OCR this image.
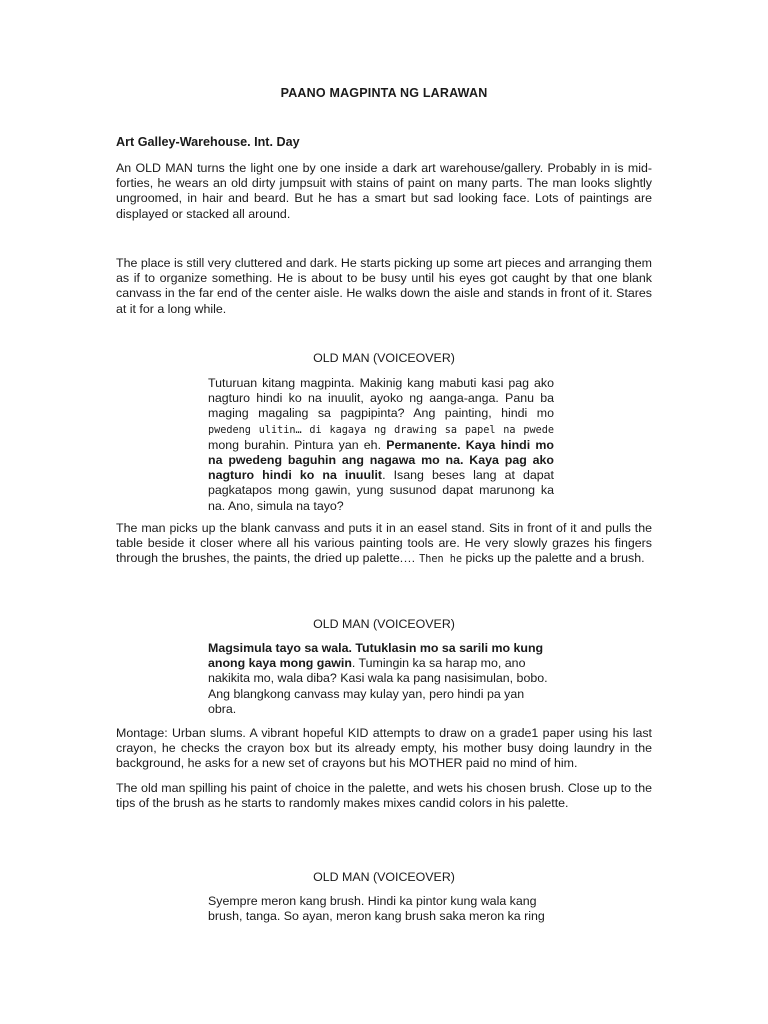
PAANO MAGPINTA NG LARAWAN
Art Galley-Warehouse. Int. Day

An OLD MAN turns the light one by one inside a dark art warehouse/gallery. Probably in is mid-forties, he wears an old dirty jumpsuit with stains of paint on many parts. The man looks slightly ungroomed, in hair and beard. But he has a smart but sad looking face. Lots of paintings are displayed or stacked all around.

The place is still very cluttered and dark. He starts picking up some art pieces and arranging them as if to organize something. He is about to be busy until his eyes got caught by that one blank canvass in the far end of the center aisle. He walks down the aisle and stands in front of it. Stares at it for a long while.

OLD MAN (VOICEOVER)

Tuturuan kitang magpinta. Makinig kang mabuti kasi pag ako nagturo hindi ko na inuulit, ayoko ng aanga-anga. Panu ba maging magaling sa pagpipinta? Ang painting, hindi mo pwedeng ulitin… di kagaya ng drawing sa papel na pwede mong burahin. Pintura yan eh. Permanente. Kaya hindi mo na pwedeng baguhin ang nagawa mo na. Kaya pag ako nagturo hindi ko na inuulit. Isang beses lang at dapat pagkatapos mong gawin, yung susunod dapat marunong ka na. Ano, simula na tayo?

The man picks up the blank canvass and puts it in an easel stand. Sits in front of it and pulls the table beside it closer where all his various painting tools are. He very slowly grazes his fingers through the brushes, the paints, the dried up palette.… Then he picks up the palette and a brush.

OLD MAN (VOICEOVER)

Magsimula tayo sa wala. Tutuklasin mo sa sarili mo kung anong kaya mong gawin. Tumingin ka sa harap mo, ano nakikita mo, wala diba? Kasi wala ka pang nasisimulan, bobo. Ang blangkong canvass may kulay yan, pero hindi pa yan obra.

Montage: Urban slums. A vibrant hopeful KID attempts to draw on a grade1 paper using his last crayon, he checks the crayon box but its already empty, his mother busy doing laundry in the background, he asks for a new set of crayons but his MOTHER paid no mind of him.

The old man spilling his paint of choice in the palette, and wets his chosen brush. Close up to the tips of the brush as he starts to randomly makes mixes candid colors in his palette.

OLD MAN (VOICEOVER)

Syempre meron kang brush. Hindi ka pintor kung wala kang brush, tanga. So ayan, meron kang brush saka meron ka ring
